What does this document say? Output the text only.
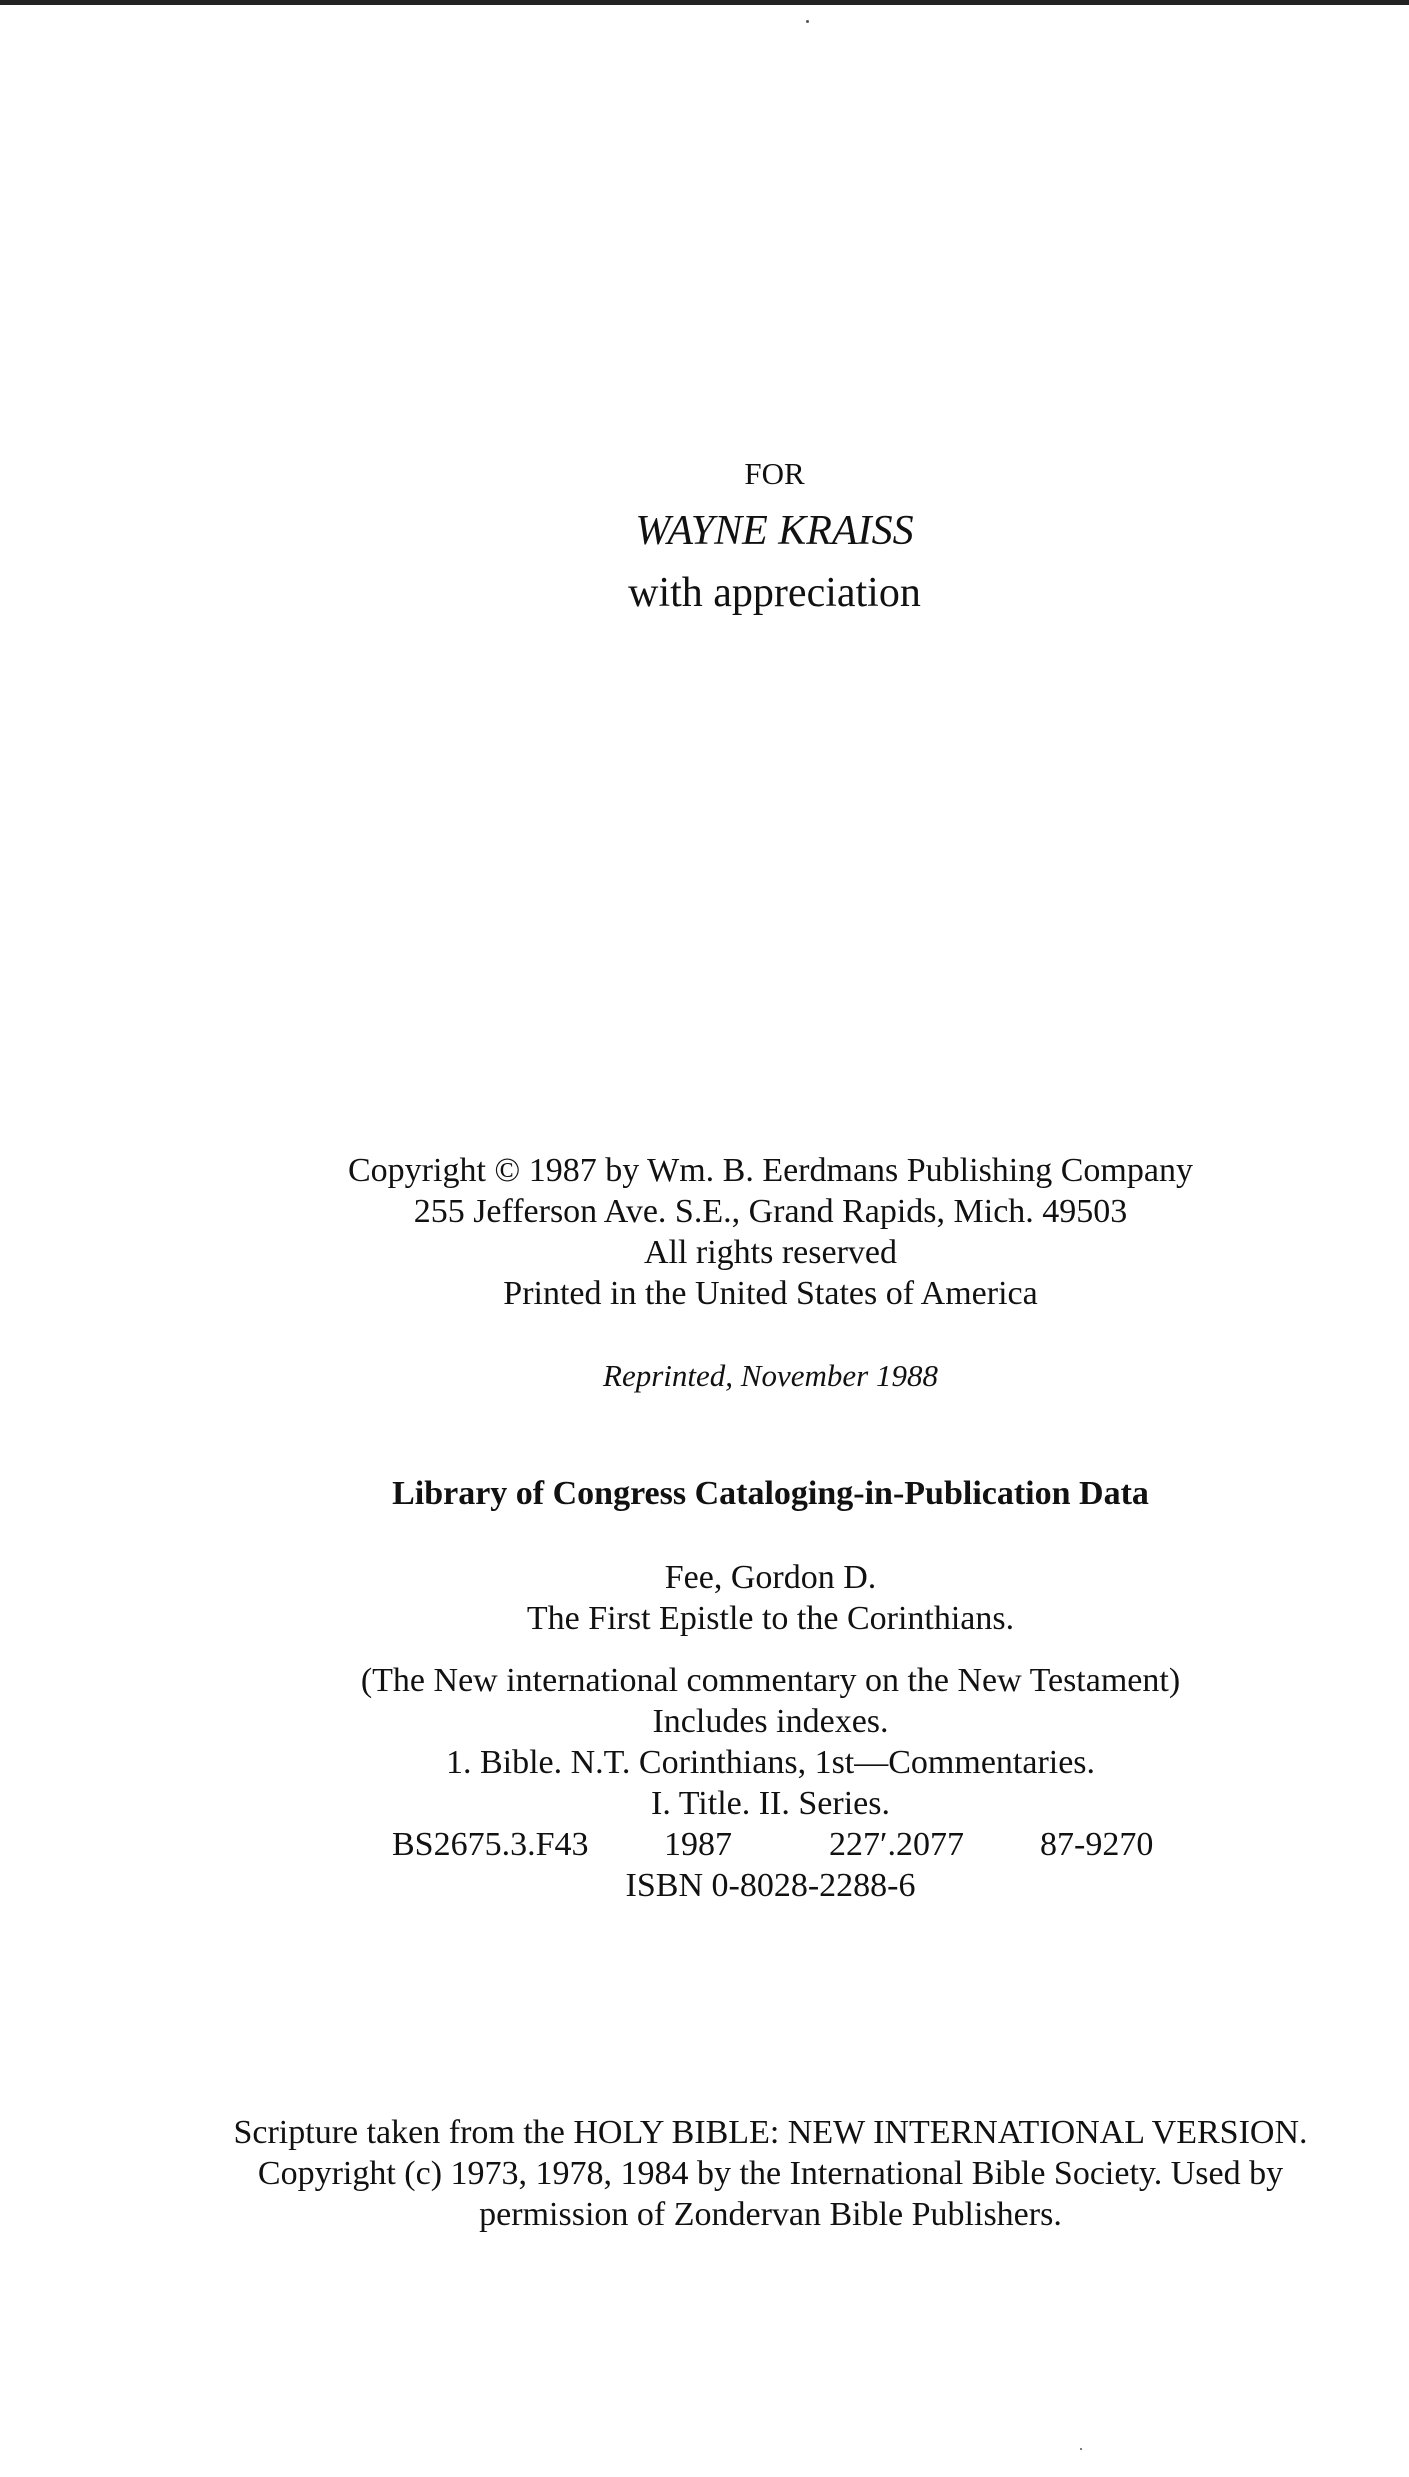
FOR
WAYNE KRAISS
with appreciation
Copyright © 1987 by Wm. B. Eerdmans Publishing Company
255 Jefferson Ave. S.E., Grand Rapids, Mich. 49503
All rights reserved
Printed in the United States of America
Reprinted, November 1988
Library of Congress Cataloging-in-Publication Data
Fee, Gordon D.
The First Epistle to the Corinthians.
(The New international commentary on the New Testament)
Includes indexes.
1. Bible. N.T. Corinthians, 1st—Commentaries.
I. Title. II. Series.

BS2675.3.F43

1987

	227′.2077

87-9270

ISBN 0-8028-2288-6
Scripture taken from the HOLY BIBLE: NEW INTERNATIONAL VERSION.
Copyright (c) 1973, 1978, 1984 by the International Bible Society. Used by
permission of Zondervan Bible Publishers.
